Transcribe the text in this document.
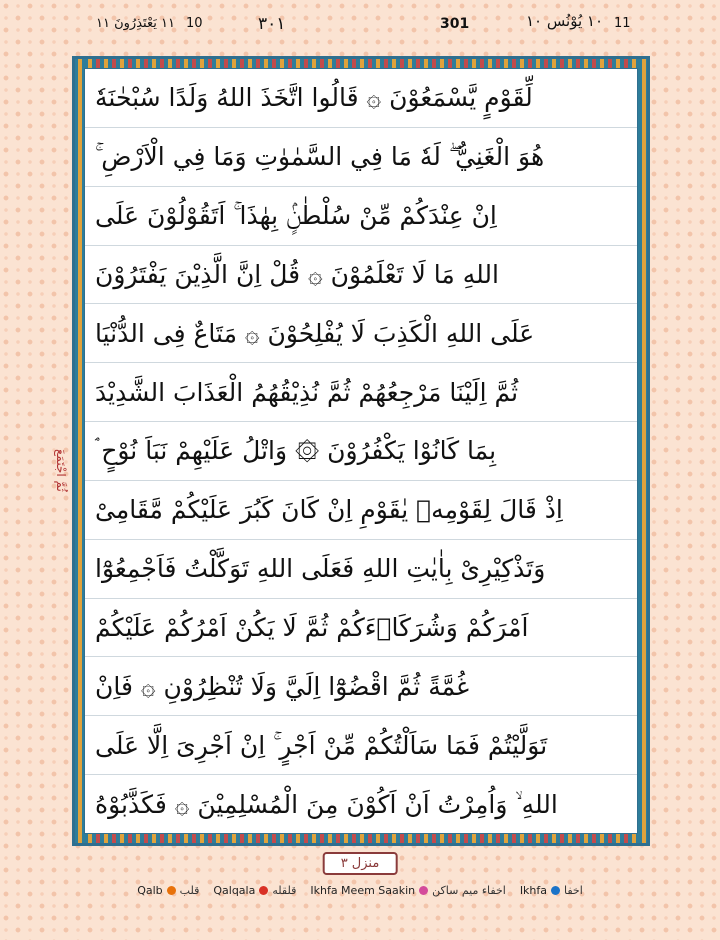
١١ يَعْتَذِرُونَ ١١ 10	٣٠١	301	١٠ يُوْنُس ١٠ 11
ثُمَّ اجْتَمَعَ
لِّقَوْمٍ يَّسْمَعُوْنَ ۞ قَالُوا اتَّخَذَ اللهُ وَلَدًا سُبْحٰنَهٗ
هُوَ الْغَنِيُّ ۖ لَهٗ مَا فِي السَّمٰوٰتِ وَمَا فِي الْاَرْضِ ۚ
اِنْ عِنْدَكُمْ مِّنْ سُلْطٰنٍۢ بِهٰذَا ۚ اَتَقُوْلُوْنَ عَلَى
اللهِ مَا لَا تَعْلَمُوْنَ ۞ قُلْ اِنَّ الَّذِيْنَ يَفْتَرُوْنَ
عَلَى اللهِ الْكَذِبَ لَا يُفْلِحُوْنَ ۞ مَتَاعٌ فِى الدُّنْيَا
ثُمَّ اِلَيْنَا مَرْجِعُهُمْ ثُمَّ نُذِيْقُهُمُ الْعَذَابَ الشَّدِيْدَ
بِمَا كَانُوْا يَكْفُرُوْنَ ۞ وَاتْلُ عَلَيْهِمْ نَبَاَ نُوْحٍ ۘ
اِذْ قَالَ لِقَوْمِهٖ يٰقَوْمِ اِنْ كَانَ كَبُرَ عَلَيْكُمْ مَّقَامِىْ
وَتَذْكِيْرِىْ بِاٰيٰتِ اللهِ فَعَلَى اللهِ تَوَكَّلْتُ فَاَجْمِعُوْٓا
اَمْرَكُمْ وَشُرَكَاۤءَكُمْ ثُمَّ لَا يَكُنْ اَمْرُكُمْ عَلَيْكُمْ
غُمَّةً ثُمَّ اقْضُوْٓا اِلَيَّ وَلَا تُنْظِرُوْنِ ۞ فَاِنْ
تَوَلَّيْتُمْ فَمَا سَاَلْتُكُمْ مِّنْ اَجْرٍ ۚ اِنْ اَجْرِىَ اِلَّا عَلَى
اللهِ ۙ وَاُمِرْتُ اَنْ اَكُوْنَ مِنَ الْمُسْلِمِيْنَ ۞ فَكَذَّبُوْهُ
منزل ٣
اخفا
Ikhfa
اخفاء میم ساکن
Ikhfa Meem Saakin
قلقله
Qalqala
قلب
Qalb
